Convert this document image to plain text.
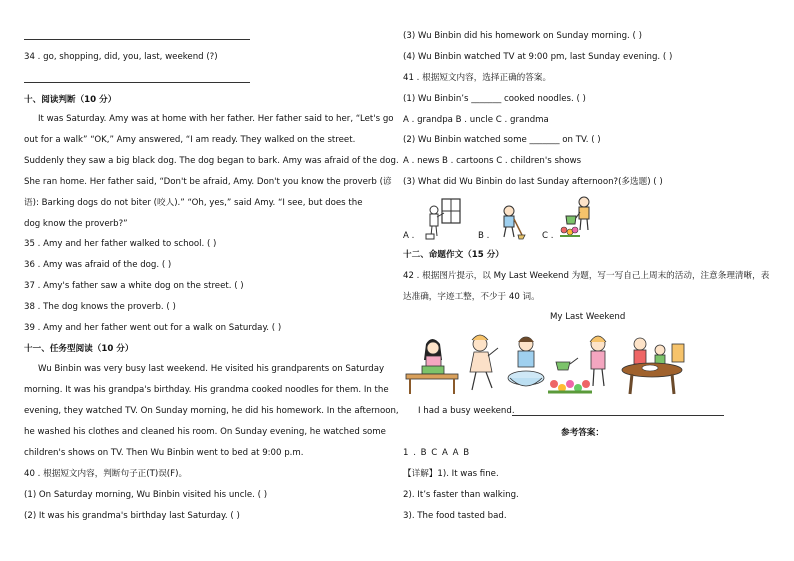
34 . go, shopping, did, you, last, weekend (?)
十、阅读判断（10 分）
It was Saturday. Amy was at home with her father. Her father said to her, “Let's go
out for a walk” “OK,” Amy answered, “I am ready. They walked on the street.
Suddenly they saw a big black dog. The dog began to bark. Amy was afraid of the dog.
She ran home. Her father said, “Don't be afraid, Amy. Don't you know the proverb (谚
语): Barking dogs do not biter (咬人).” “Oh, yes,” said Amy. “I see, but does the
dog know the proverb?”
35 . Amy and her father walked to school. ( )
36 . Amy was afraid of the dog. ( )
37 . Amy's father saw a white dog on the street. ( )
38 . The dog knows the proverb. ( )
39 . Amy and her father went out for a walk on Saturday. ( )
十一、任务型阅读（10 分）
Wu Binbin was very busy last weekend. He visited his grandparents on Saturday
morning. It was his grandpa's birthday. His grandma cooked noodles for them. In the
evening, they watched TV. On Sunday morning, he did his homework. In the afternoon,
he washed his clothes and cleaned his room. On Sunday evening, he watched some
children's shows on TV. Then Wu Binbin went to bed at 9:00 p.m.
40 . 根据短文内容，判断句子正(T)误(F)。
(1) On Saturday morning, Wu Binbin visited his uncle. ( )
(2) It was his grandma's birthday last Saturday. ( )
(3) Wu Binbin did his homework on Sunday morning. ( )
(4) Wu Binbin watched TV at 9:00 pm, last Sunday evening. ( )
41 . 根据短文内容，选择正确的答案。
(1) Wu Binbin’s _______ cooked noodles. ( )
A . grandpa B . uncle C . grandma
(2) Wu Binbin watched some _______ on TV. ( )
A . news B . cartoons C . children's shows
(3) What did Wu Binbin do last Sunday afternoon?(多选题) ( )
A .	B .	C .
十二、命题作文（15 分）
42 . 根据图片提示，以 My Last Weekend 为题，写一写自己上周末的活动，注意条理清晰，表
达准确，字迹工整，不少于 40 词。
My Last Weekend
I had a busy weekend.
参考答案：
1 . B C A A B
【详解】1). It was fine.
2). It’s faster than walking.
3). The food tasted bad.
